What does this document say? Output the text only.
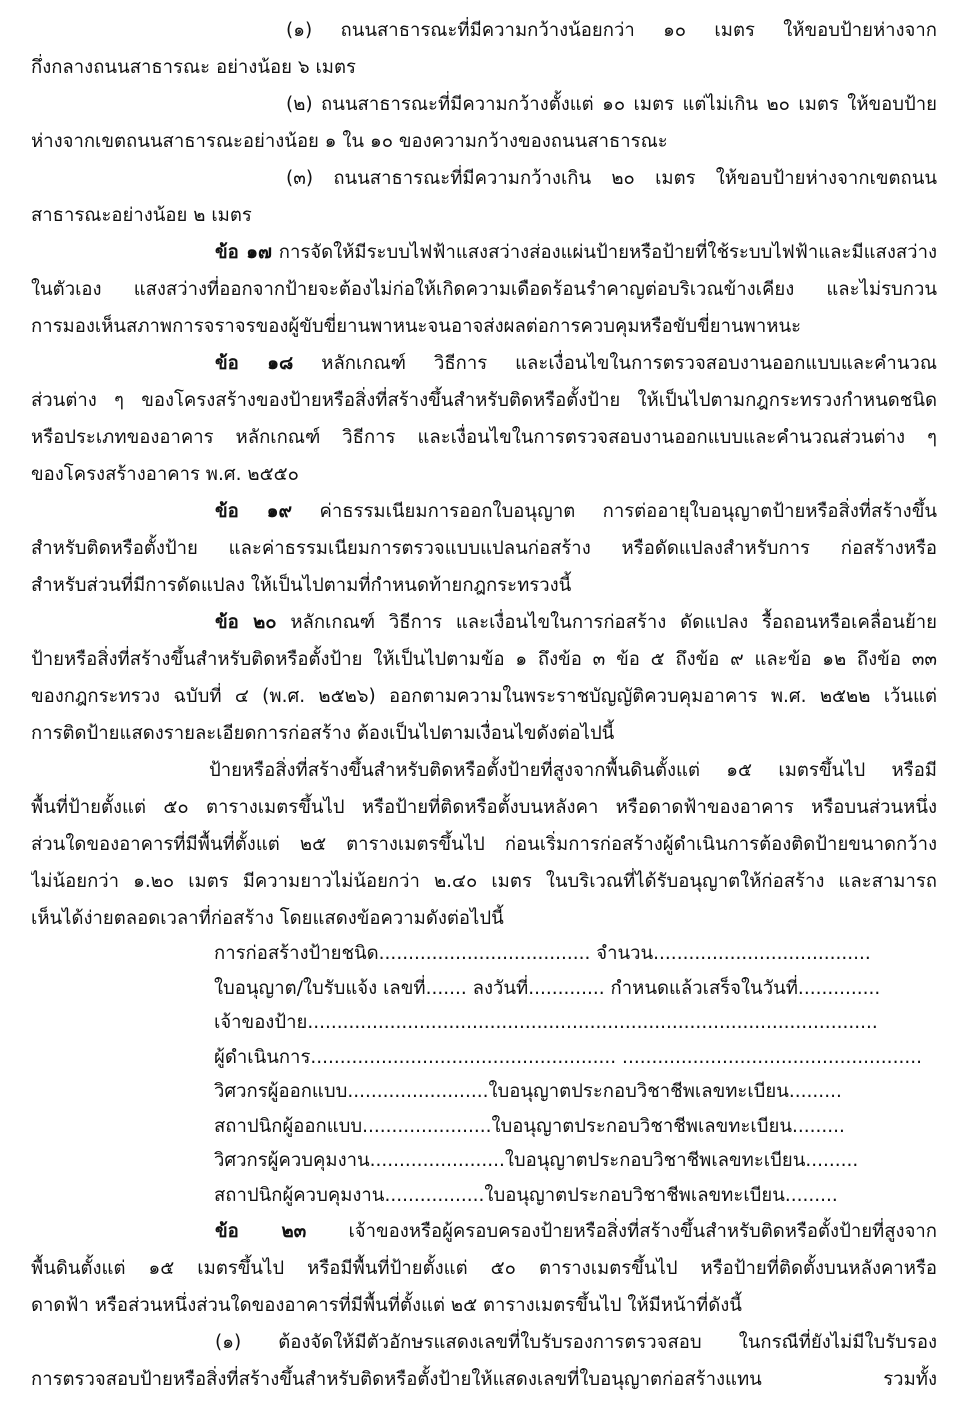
(๑) ถนนสาธารณะที่มีความกว้างน้อยกว่า ๑๐ เมตร ให้ขอบป้ายห่างจาก
กึ่งกลางถนนสาธารณะ อย่างน้อย ๖ เมตร
(๒) ถนนสาธารณะที่มีความกว้างตั้งแต่ ๑๐ เมตร แต่ไม่เกิน ๒๐ เมตร ให้ขอบป้าย
ห่างจากเขตถนนสาธารณะอย่างน้อย ๑ ใน ๑๐ ของความกว้างของถนนสาธารณะ
(๓) ถนนสาธารณะที่มีความกว้างเกิน ๒๐ เมตร ให้ขอบป้ายห่างจากเขตถนน
สาธารณะอย่างน้อย ๒ เมตร
ข้อ ๑๗ การจัดให้มีระบบไฟฟ้าแสงสว่างส่องแผ่นป้ายหรือป้ายที่ใช้ระบบไฟฟ้าและมีแสงสว่าง
ในตัวเอง แสงสว่างที่ออกจากป้ายจะต้องไม่ก่อให้เกิดความเดือดร้อนรำคาญต่อบริเวณข้างเคียง และไม่รบกวน
การมองเห็นสภาพการจราจรของผู้ขับขี่ยานพาหนะจนอาจส่งผลต่อการควบคุมหรือขับขี่ยานพาหนะ
ข้อ ๑๘ หลักเกณฑ์ วิธีการ และเงื่อนไขในการตรวจสอบงานออกแบบและคำนวณ
ส่วนต่าง ๆ ของโครงสร้างของป้ายหรือสิ่งที่สร้างขึ้นสำหรับติดหรือตั้งป้าย ให้เป็นไปตามกฎกระทรวงกำหนดชนิด
หรือประเภทของอาคาร หลักเกณฑ์ วิธีการ และเงื่อนไขในการตรวจสอบงานออกแบบและคำนวณส่วนต่าง ๆ
ของโครงสร้างอาคาร พ.ศ. ๒๕๕๐
ข้อ ๑๙ ค่าธรรมเนียมการออกใบอนุญาต การต่ออายุใบอนุญาตป้ายหรือสิ่งที่สร้างขึ้น
สำหรับติดหรือตั้งป้าย และค่าธรรมเนียมการตรวจแบบแปลนก่อสร้าง หรือดัดแปลงสำหรับการ ก่อสร้างหรือ
สำหรับส่วนที่มีการดัดแปลง ให้เป็นไปตามที่กำหนดท้ายกฎกระทรวงนี้
ข้อ ๒๐ หลักเกณฑ์ วิธีการ และเงื่อนไขในการก่อสร้าง ดัดแปลง รื้อถอนหรือเคลื่อนย้าย
ป้ายหรือสิ่งที่สร้างขึ้นสำหรับติดหรือตั้งป้าย ให้เป็นไปตามข้อ ๑ ถึงข้อ ๓ ข้อ ๕ ถึงข้อ ๙ และข้อ ๑๒ ถึงข้อ ๓๓
ของกฎกระทรวง ฉบับที่ ๔ (พ.ศ. ๒๕๒๖) ออกตามความในพระราชบัญญัติควบคุมอาคาร พ.ศ. ๒๕๒๒ เว้นแต่
การติดป้ายแสดงรายละเอียดการก่อสร้าง ต้องเป็นไปตามเงื่อนไขดังต่อไปนี้
ป้ายหรือสิ่งที่สร้างขึ้นสำหรับติดหรือตั้งป้ายที่สูงจากพื้นดินตั้งแต่ ๑๕ เมตรขึ้นไป หรือมี
พื้นที่ป้ายตั้งแต่ ๕๐ ตารางเมตรขึ้นไป หรือป้ายที่ติดหรือตั้งบนหลังคา หรือดาดฟ้าของอาคาร หรือบนส่วนหนึ่ง
ส่วนใดของอาคารที่มีพื้นที่ตั้งแต่ ๒๕ ตารางเมตรขึ้นไป ก่อนเริ่มการก่อสร้างผู้ดำเนินการต้องติดป้ายขนาดกว้าง
ไม่น้อยกว่า ๑.๒๐ เมตร มีความยาวไม่น้อยกว่า ๒.๔๐ เมตร ในบริเวณที่ได้รับอนุญาตให้ก่อสร้าง และสามารถ
เห็นได้ง่ายตลอดเวลาที่ก่อสร้าง โดยแสดงข้อความดังต่อไปนี้
การก่อสร้างป้ายชนิด.................................... จำนวน.....................................
ใบอนุญาต/ใบรับแจ้ง เลขที่....... ลงวันที่............. กำหนดแล้วเสร็จในวันที่..............
เจ้าของป้าย.................................................................................................
ผู้ดำเนินการ.................................................... ...................................................
วิศวกรผู้ออกแบบ........................ใบอนุญาตประกอบวิชาชีพเลขทะเบียน.........
สถาปนิกผู้ออกแบบ......................ใบอนุญาตประกอบวิชาชีพเลขทะเบียน.........
วิศวกรผู้ควบคุมงาน.......................ใบอนุญาตประกอบวิชาชีพเลขทะเบียน.........
สถาปนิกผู้ควบคุมงาน.................ใบอนุญาตประกอบวิชาชีพเลขทะเบียน.........
ข้อ ๒๓ เจ้าของหรือผู้ครอบครองป้ายหรือสิ่งที่สร้างขึ้นสำหรับติดหรือตั้งป้ายที่สูงจาก
พื้นดินตั้งแต่ ๑๕ เมตรขึ้นไป หรือมีพื้นที่ป้ายตั้งแต่ ๕๐ ตารางเมตรขึ้นไป หรือป้ายที่ติดตั้งบนหลังคาหรือ
ดาดฟ้า หรือส่วนหนึ่งส่วนใดของอาคารที่มีพื้นที่ตั้งแต่ ๒๕ ตารางเมตรขึ้นไป ให้มีหน้าที่ดังนี้
(๑) ต้องจัดให้มีตัวอักษรแสดงเลขที่ใบรับรองการตรวจสอบ ในกรณีที่ยังไม่มีใบรับรอง
การตรวจสอบป้ายหรือสิ่งที่สร้างขึ้นสำหรับติดหรือตั้งป้ายให้แสดงเลขที่ใบอนุญาตก่อสร้างแทน รวมทั้ง
